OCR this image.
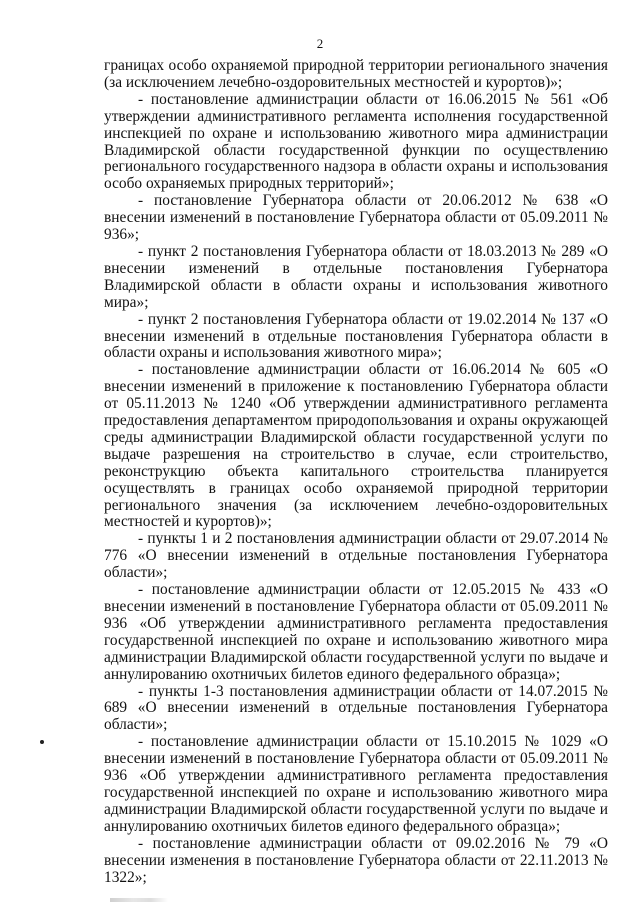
2

границах особо охраняемой природной территории регионального значения (за исключением лечебно-оздоровительных местностей и курортов)»;

- постановление администрации области от 16.06.2015 № 561 «Об утверждении административного регламента исполнения государственной инспекцией по охране и использованию животного мира администрации Владимирской области государственной функции по осуществлению регионального государственного надзора в области охраны и использования особо охраняемых природных территорий»;

- постановление Губернатора области от 20.06.2012 № 638 «О внесении изменений в постановление Губернатора области от 05.09.2011 № 936»;

- пункт 2 постановления Губернатора области от 18.03.2013 № 289 «О внесении изменений в отдельные постановления Губернатора Владимирской области в области охраны и использования животного мира»;

- пункт 2 постановления Губернатора области от 19.02.2014 № 137 «О внесении изменений в отдельные постановления Губернатора области в области охраны и использования животного мира»;

- постановление администрации области от 16.06.2014 № 605 «О внесении изменений в приложение к постановлению Губернатора области от 05.11.2013 № 1240 «Об утверждении административного регламента предоставления департаментом природопользования и охраны окружающей среды администрации Владимирской области государственной услуги по выдаче разрешения на строительство в случае, если строительство, реконструкцию объекта капитального строительства планируется осуществлять в границах особо охраняемой природной территории регионального значения (за исключением лечебно-оздоровительных местностей и курортов)»;

- пункты 1 и 2 постановления администрации области от 29.07.2014 № 776 «О внесении изменений в отдельные постановления Губернатора области»;

- постановление администрации области от 12.05.2015 № 433 «О внесении изменений в постановление Губернатора области от 05.09.2011 № 936 «Об утверждении административного регламента предоставления государственной инспекцией по охране и использованию животного мира администрации Владимирской области государственной услуги по выдаче и аннулированию охотничьих билетов единого федерального образца»;

- пункты 1-3 постановления администрации области от 14.07.2015 № 689 «О внесении изменений в отдельные постановления Губернатора области»;

- постановление администрации области от 15.10.2015 № 1029 «О внесении изменений в постановление Губернатора области от 05.09.2011 № 936 «Об утверждении административного регламента предоставления государственной инспекцией по охране и использованию животного мира администрации Владимирской области государственной услуги по выдаче и аннулированию охотничьих билетов единого федерального образца»;

- постановление администрации области от 09.02.2016 № 79 «О внесении изменения в постановление Губернатора области от 22.11.2013 № 1322»;
